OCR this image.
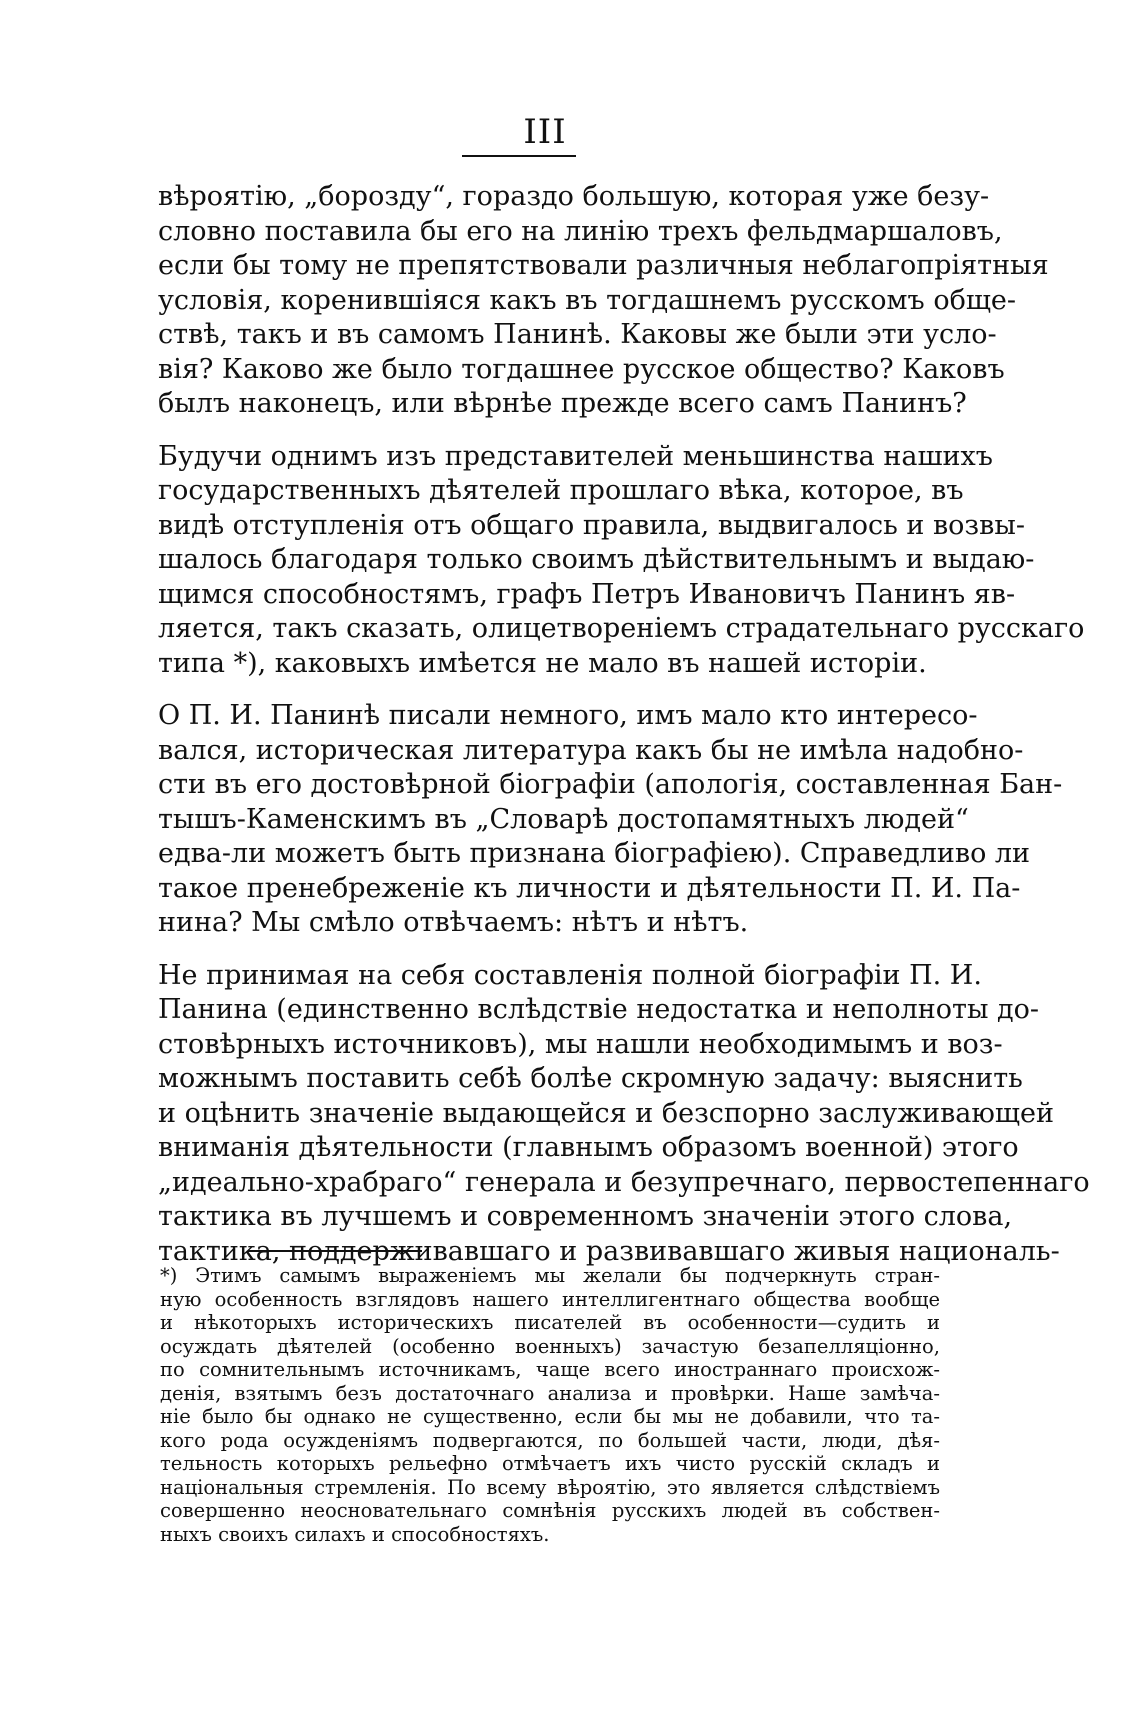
III

вѣроятію, „борозду“, гораздо большую, которая уже безу-
словно поставила бы его на линію трехъ фельдмаршаловъ,
если бы тому не препятствовали различныя неблагопріятныя
условія, коренившіяся какъ въ тогдашнемъ русскомъ обще-
ствѣ, такъ и въ самомъ Панинѣ. Каковы же были эти усло-
вія? Каково же было тогдашнее русское общество? Каковъ
былъ наконецъ, или вѣрнѣе прежде всего самъ Панинъ?

Будучи однимъ изъ представителей меньшинства нашихъ
государственныхъ дѣятелей прошлаго вѣка, которое, въ
видѣ отступленія отъ общаго правила, выдвигалось и возвы-
шалось благодаря только своимъ дѣйствительнымъ и выдаю-
щимся способностямъ, графъ Петръ Ивановичъ Панинъ яв-
ляется, такъ сказать, олицетвореніемъ страдательнаго русскаго
типа *), каковыхъ имѣется не мало въ нашей исторіи.

О П. И. Панинѣ писали немного, имъ мало кто интересо-
вался, историческая литература какъ бы не имѣла надобно-
сти въ его достовѣрной біографіи (апологія, составленная Бан-
тышъ-Каменскимъ въ „Словарѣ достопамятныхъ людей“
едва-ли можетъ быть признана біографіею). Справедливо ли
такое пренебреженіе къ личности и дѣятельности П. И. Па-
нина? Мы смѣло отвѣчаемъ: нѣтъ и нѣтъ.

Не принимая на себя составленія полной біографіи П. И.
Панина (единственно вслѣдствіе недостатка и неполноты до-
стовѣрныхъ источниковъ), мы нашли необходимымъ и воз-
можнымъ поставить себѣ болѣе скромную задачу: выяснить
и оцѣнить значеніе выдающейся и безспорно заслуживающей
вниманія дѣятельности (главнымъ образомъ военной) этого
„идеально-храбраго“ генерала и безупречнаго, первостепеннаго
тактика въ лучшемъ и современномъ значеніи этого слова,
тактика, поддерживавшаго и развивавшаго живыя националь-

*) Этимъ самымъ выраженіемъ мы желали бы подчеркнуть стран-
ную особенность взглядовъ нашего интеллигентнаго общества вообще
и нѣкоторыхъ историческихъ писателей въ особенности—судить и
осуждать дѣятелей (особенно военныхъ) зачастую безапелляціонно,
по сомнительнымъ источникамъ, чаще всего иностраннаго происхож-
денія, взятымъ безъ достаточнаго анализа и провѣрки. Наше замѣча-
ніе было бы однако не существенно, если бы мы не добавили, что та-
кого рода осужденіямъ подвергаются, по большей части, люди, дѣя-
тельность которыхъ рельефно отмѣчаетъ ихъ чисто русскій складъ и
національныя стремленія. По всему вѣроятію, это является слѣдствіемъ
совершенно неосновательнаго сомнѣнія русскихъ людей въ собствен-
ныхъ своихъ силахъ и способностяхъ.
